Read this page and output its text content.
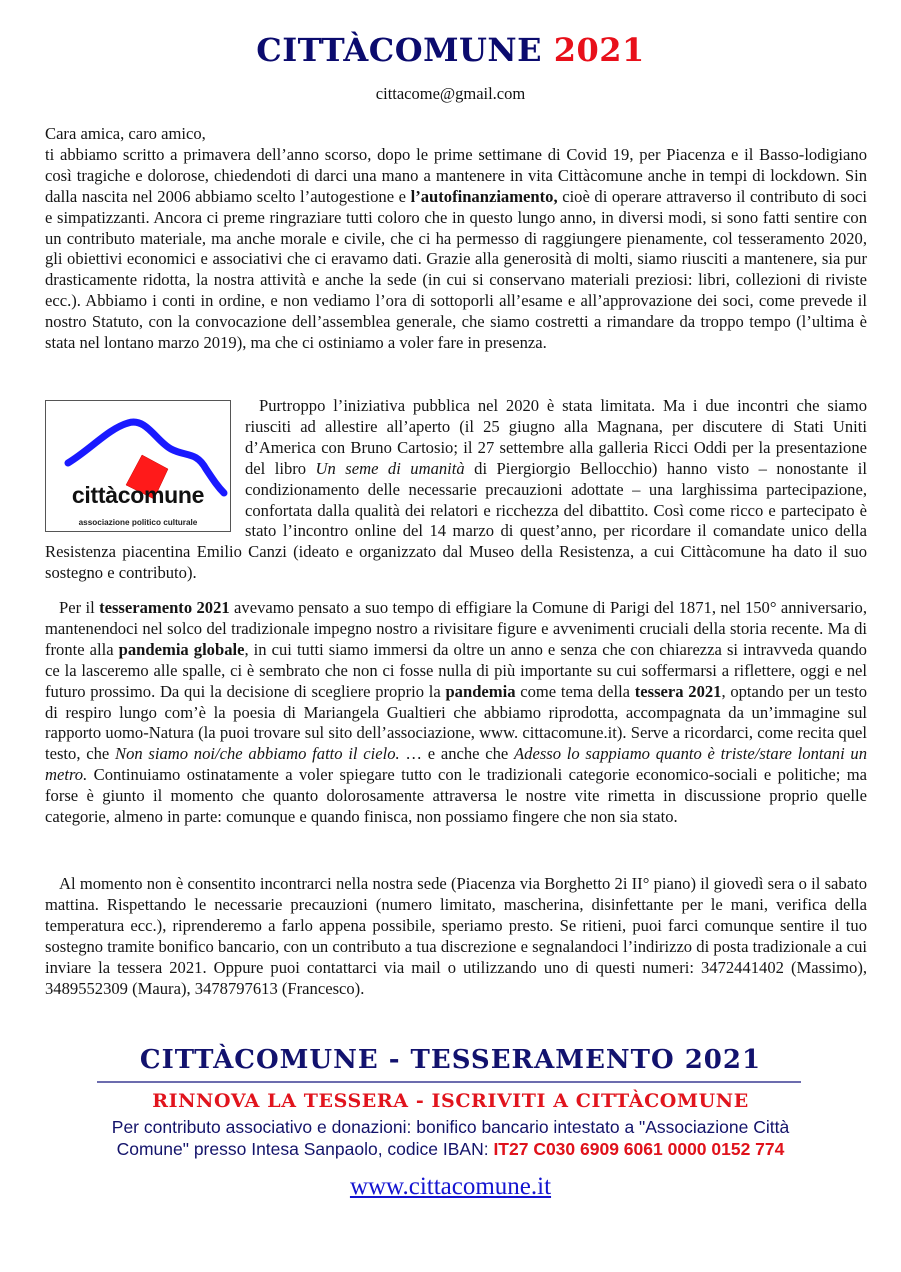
CITTÀCOMUNE 2021
cittacome@gmail.com

Cara amica, caro amico,

ti abbiamo scritto a primavera dell’anno scorso, dopo le prime settimane di Covid 19, per Piacenza e il Basso-lodigiano così tragiche e dolorose, chiedendoti di darci una mano a mantenere in vita Cittàcomune anche in tempi di lockdown. Sin dalla nascita nel 2006 abbiamo scelto l’autogestione e l’autofinanziamento, cioè di operare attraverso il contributo di soci e simpatizzanti. Ancora ci preme ringraziare tutti coloro che in questo lungo anno, in diversi modi, si sono fatti sentire con un contributo materiale, ma anche morale e civile, che ci ha permesso di raggiungere pienamente, col tesseramento 2020, gli obiettivi economici e associativi che ci eravamo dati. Grazie alla generosità di molti, siamo riusciti a mantenere, sia pur drasticamente ridotta, la nostra attività e anche la sede (in cui si conservano materiali preziosi: libri, collezioni di riviste ecc.). Abbiamo i conti in ordine, e non vediamo l’ora di sottoporli all’esame e all’approvazione dei soci, come prevede il nostro Statuto, con la convocazione dell’assemblea generale, che siamo costretti a rimandare da troppo tempo (l’ultima è stata nel lontano marzo 2019), ma che ci ostiniamo a voler fare in presenza.

cittàcomune
associazione politico culturale

Purtroppo l’iniziativa pubblica nel 2020 è stata limitata. Ma i due incontri che siamo riusciti ad allestire all’aperto (il 25 giugno alla Magnana, per discutere di Stati Uniti d’America con Bruno Cartosio; il 27 settembre alla galleria Ricci Oddi per la presentazione del libro Un seme di umanità di Piergiorgio Bellocchio) hanno visto – nonostante il condizionamento delle necessarie precauzioni adottate – una larghissima partecipazione, confortata dalla qualità dei relatori e ricchezza del dibattito. Così come ricco e partecipato è stato l’incontro online del 14 marzo di quest’anno, per ricordare il comandate unico della Resistenza piacentina Emilio Canzi (ideato e organizzato dal Museo della Resistenza, a cui Cittàcomune ha dato il suo sostegno e contributo).

Per il tesseramento 2021 avevamo pensato a suo tempo di effigiare la Comune di Parigi del 1871, nel 150° anniversario, mantenendoci nel solco del tradizionale impegno nostro a rivisitare figure e avvenimenti cruciali della storia recente. Ma di fronte alla pandemia globale, in cui tutti siamo immersi da oltre un anno e senza che con chiarezza si intravveda quando ce la lasceremo alle spalle, ci è sembrato che non ci fosse nulla di più importante su cui soffermarsi a riflettere, oggi e nel futuro prossimo. Da qui la decisione di scegliere proprio la pandemia come tema della tessera 2021, optando per un testo di respiro lungo com’è la poesia di Mariangela Gualtieri che abbiamo riprodotta, accompagnata da un’immagine sul rapporto uomo-Natura (la puoi trovare sul sito dell’associazione, www. cittacomune.it). Serve a ricordarci, come recita quel testo, che Non siamo noi/che abbiamo fatto il cielo. … e anche che Adesso lo sappiamo quanto è triste/stare lontani un metro. Continuiamo ostinatamente a voler spiegare tutto con le tradizionali categorie economico-sociali e politiche; ma forse è giunto il momento che quanto dolorosamente attraversa le nostre vite rimetta in discussione proprio quelle categorie, almeno in parte: comunque e quando finisca, non possiamo fingere che non sia stato.

Al momento non è consentito incontrarci nella nostra sede (Piacenza via Borghetto 2i II° piano) il giovedì sera o il sabato mattina. Rispettando le necessarie precauzioni (numero limitato, mascherina, disinfettante per le mani, verifica della temperatura ecc.), riprenderemo a farlo appena possibile, speriamo presto. Se ritieni, puoi farci comunque sentire il tuo sostegno tramite bonifico bancario, con un contributo a tua discrezione e segnalandoci l’indirizzo di posta tradizionale a cui inviare la tessera 2021. Oppure puoi contattarci via mail o utilizzando uno di questi numeri: 3472441402 (Massimo), 3489552309 (Maura), 3478797613 (Francesco).

CITTÀCOMUNE - TESSERAMENTO 2021
RINNOVA LA TESSERA - ISCRIVITI A CITTÀCOMUNE
Per contributo associativo e donazioni: bonifico bancario intestato a "Associazione Città
Comune" presso Intesa Sanpaolo, codice IBAN: IT27 C030 6909 6061 0000 0152 774
www.cittacomune.it
